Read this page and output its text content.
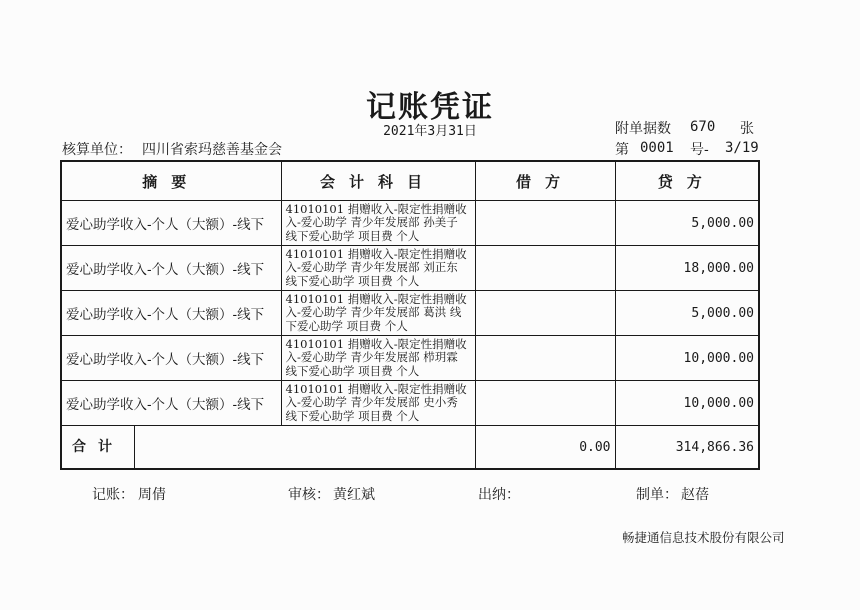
记账凭证
2021年3月31日	附单据数 670 张
核算单位： 四川省索玛慈善基金会	第 0001 号- 3/19
摘要	会计科目	借方	贷方
爱心助学收入-个人（大额）-线下	41010101 捐赠收入-限定性捐赠收入-爱心助学 青少年发展部 孙美子 线下爱心助学 项目费 个人		5,000.00
爱心助学收入-个人（大额）-线下	41010101 捐赠收入-限定性捐赠收入-爱心助学 青少年发展部 刘正东 线下爱心助学 项目费 个人		18,000.00
爱心助学收入-个人（大额）-线下	41010101 捐赠收入-限定性捐赠收入-爱心助学 青少年发展部 葛洪 线下爱心助学 项目费 个人		5,000.00
爱心助学收入-个人（大额）-线下	41010101 捐赠收入-限定性捐赠收入-爱心助学 青少年发展部 栉玥霖 线下爱心助学 项目费 个人		10,000.00
爱心助学收入-个人（大额）-线下	41010101 捐赠收入-限定性捐赠收入-爱心助学 青少年发展部 史小秀 线下爱心助学 项目费 个人		10,000.00

合计		0.00	314,866.36
记账： 周倩	审核： 黄红斌	出纳：	制单： 赵蓓
畅捷通信息技术股份有限公司
